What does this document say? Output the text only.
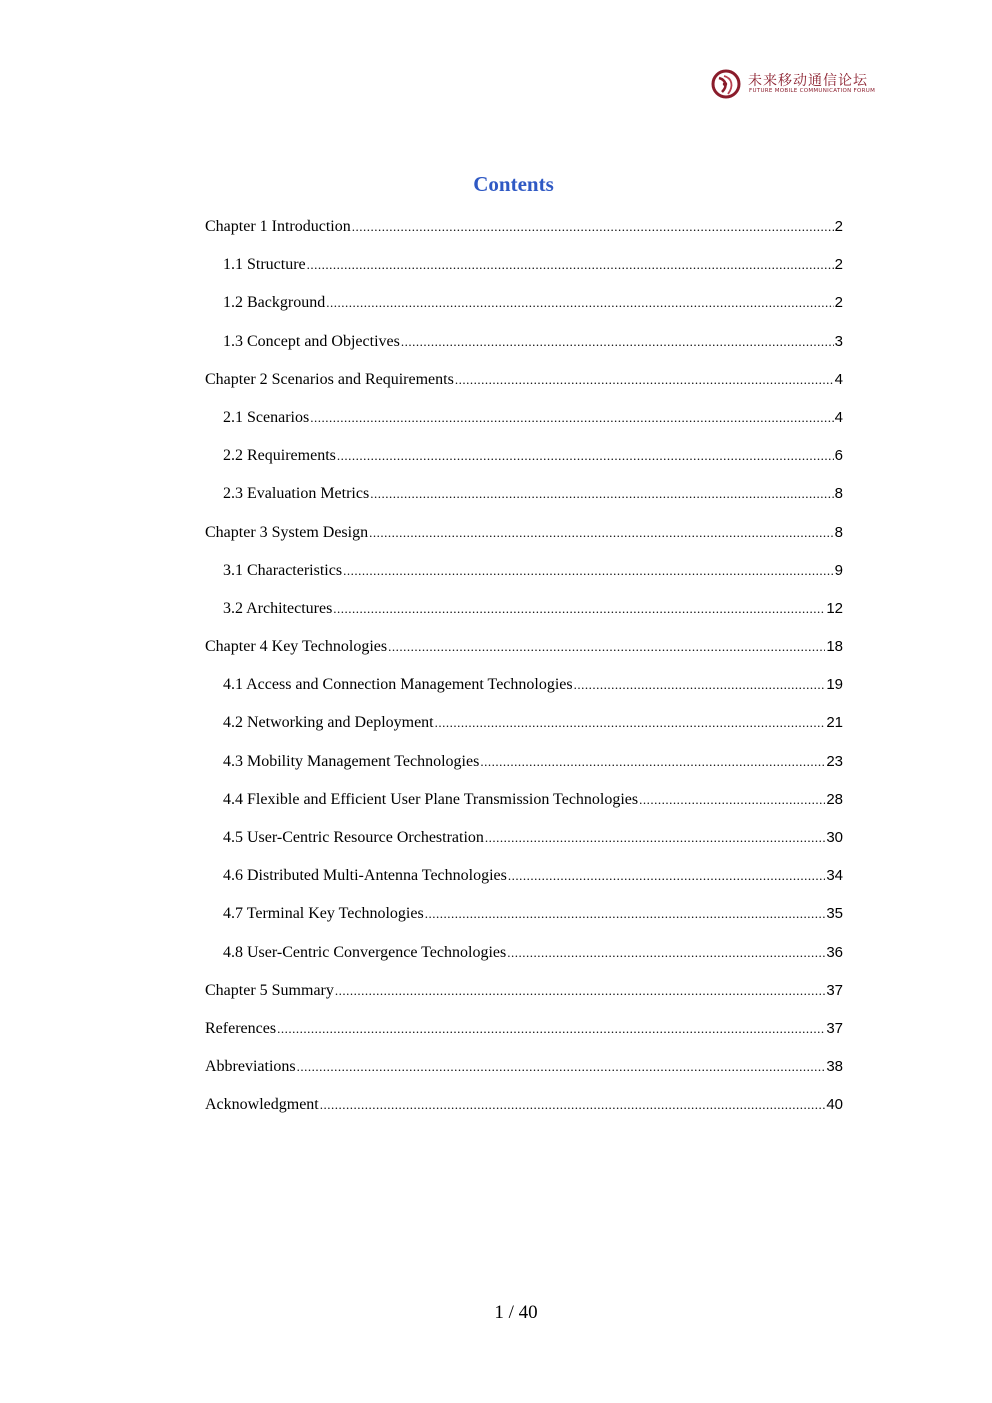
未来移动通信论坛
FUTURE MOBILE COMMUNICATION FORUM
Contents
Chapter 1 Introduction .....	2
1.1 Structure .....	2
1.2 Background .....	2
1.3 Concept and Objectives .....	3
Chapter 2 Scenarios and Requirements .....	4
2.1 Scenarios .....	4
2.2 Requirements .....	6
2.3 Evaluation Metrics .....	8
Chapter 3 System Design .....	8
3.1 Characteristics .....	9
3.2 Architectures .....	12
Chapter 4 Key Technologies .....	18
4.1 Access and Connection Management Technologies .....	19
4.2 Networking and Deployment .....	21
4.3 Mobility Management Technologies .....	23
4.4 Flexible and Efficient User Plane Transmission Technologies .....	28
4.5 User-Centric Resource Orchestration .....	30
4.6 Distributed Multi-Antenna Technologies .....	34
4.7 Terminal Key Technologies .....	35
4.8 User-Centric Convergence Technologies .....	36
Chapter 5 Summary .....	37
References .....	37
Abbreviations .....	38
Acknowledgment .....	40
1 / 40
